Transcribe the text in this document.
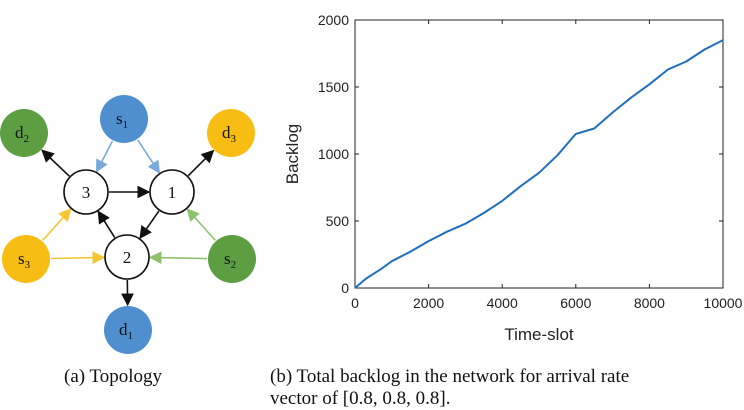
3	1
2
$s_1$
$d_2$	$d_3$
$s_3$	$s_2$
$d_1$
0	2000	4000	6000	8000	10000
0
500
1000
1500
2000
Time-slot
Backlog
(a) Topology	(b) Total backlog in the network for arrival rate
vector of [0.8, 0.8, 0.8].
